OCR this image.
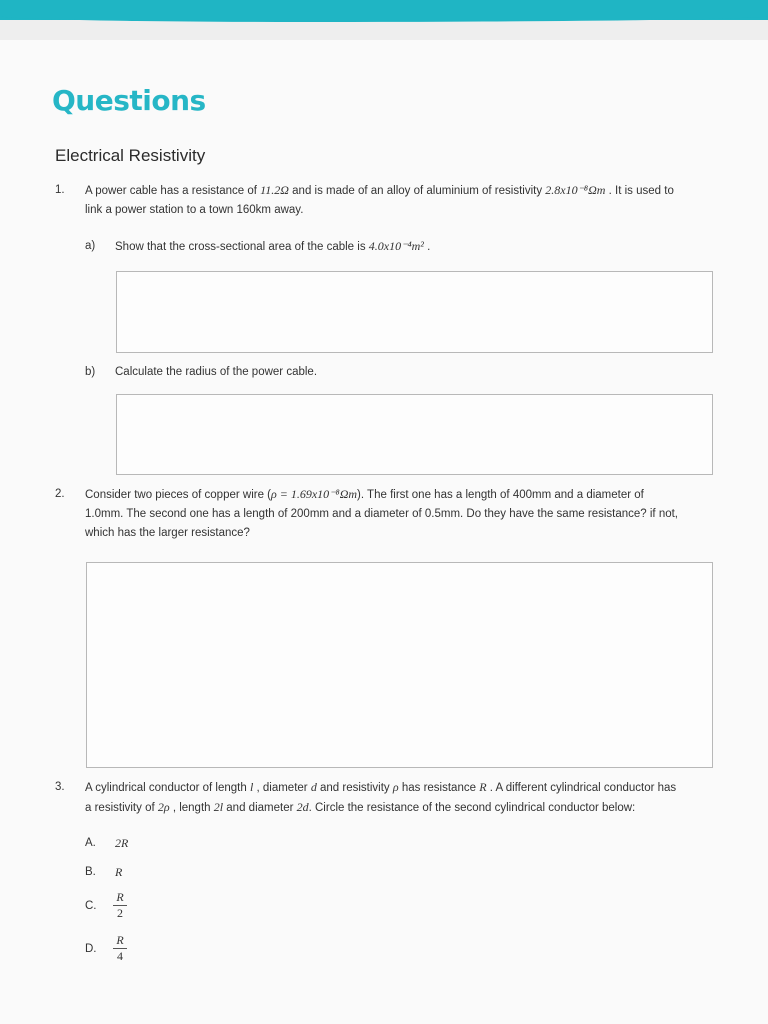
Questions
Electrical Resistivity
1. A power cable has a resistance of 11.2Ω and is made of an alloy of aluminium of resistivity 2.8x10⁻⁸Ωm . It is used to
link a power station to a town 160km away.
a) Show that the cross-sectional area of the cable is 4.0x10⁻⁴m² .
b) Calculate the radius of the power cable.
2. Consider two pieces of copper wire (ρ = 1.69x10⁻⁸Ωm). The first one has a length of 400mm and a diameter of
1.0mm. The second one has a length of 200mm and a diameter of 0.5mm. Do they have the same resistance? if not,
which has the larger resistance?
3. A cylindrical conductor of length l , diameter d and resistivity ρ has resistance R . A different cylindrical conductor has
a resistivity of 2ρ , length 2l and diameter 2d. Circle the resistance of the second cylindrical conductor below:
A. 2R
B. R
C.
R
2
D.
R
4
